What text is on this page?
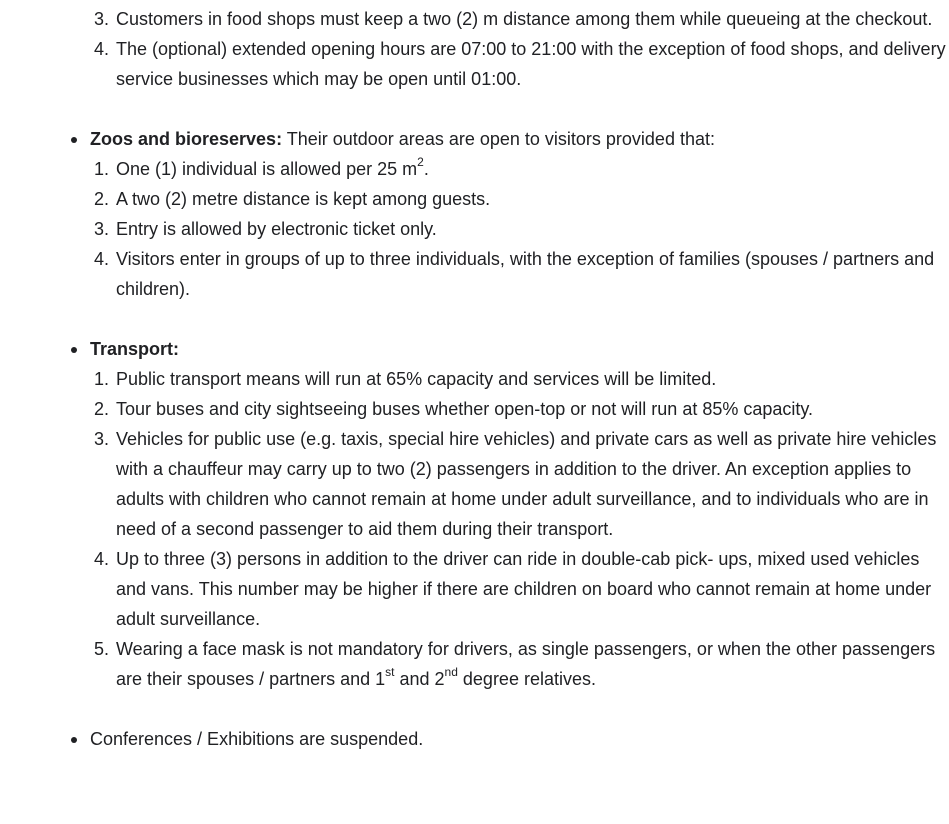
3. Customers in food shops must keep a two (2) m distance among them while queueing at the checkout.
4. The (optional) extended opening hours are 07:00 to 21:00 with the exception of food shops, and delivery service businesses which may be open until 01:00.
Zoos and bioreserves: Their outdoor areas are open to visitors provided that:
1. One (1) individual is allowed per 25 $m^2$.
2. A two (2) metre distance is kept among guests.
3. Entry is allowed by electronic ticket only.
4. Visitors enter in groups of up to three individuals, with the exception of families (spouses / partners and children).
Transport:
1. Public transport means will run at 65% capacity and services will be limited.
2. Tour buses and city sightseeing buses whether open-top or not will run at 85% capacity.
3. Vehicles for public use (e.g. taxis, special hire vehicles) and private cars as well as private hire vehicles with a chauffeur may carry up to two (2) passengers in addition to the driver. An exception applies to adults with children who cannot remain at home under adult surveillance, and to individuals who are in need of a second passenger to aid them during their transport.
4. Up to three (3) persons in addition to the driver can ride in double-cab pick- ups, mixed used vehicles and vans. This number may be higher if there are children on board who cannot remain at home under adult surveillance.
5. Wearing a face mask is not mandatory for drivers, as single passengers, or when the other passengers are their spouses / partners and 1st and 2nd degree relatives.
Conferences / Exhibitions are suspended.
